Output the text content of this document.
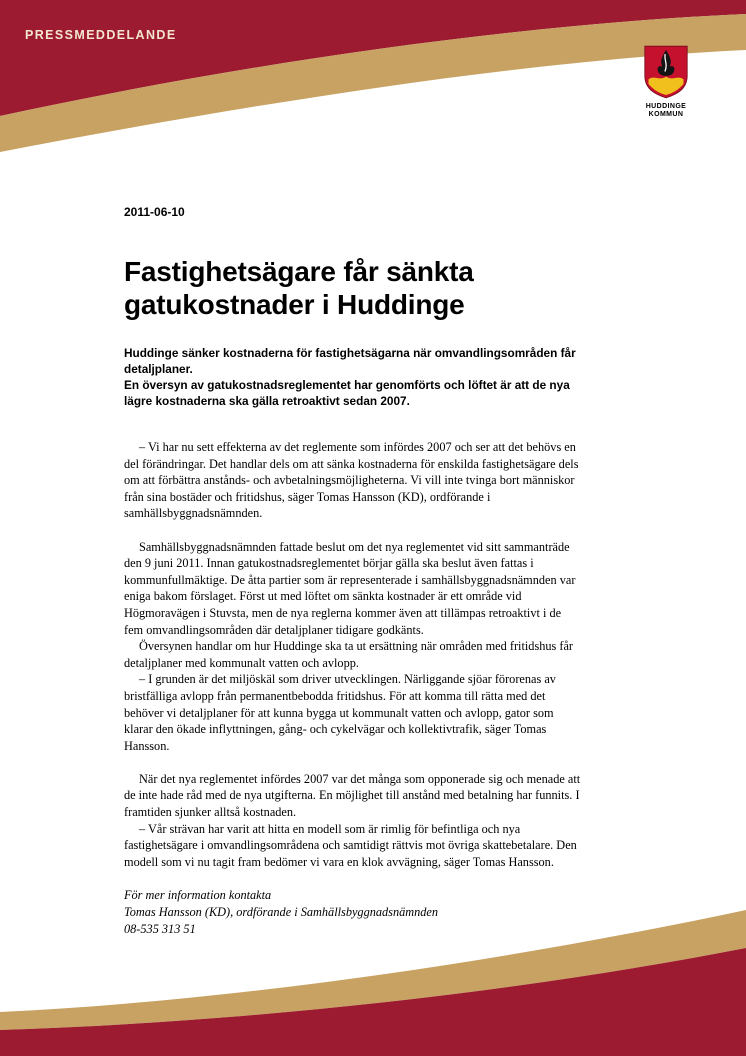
PRESSMEDDELANDE
HUDDINGE
KOMMUN

2011-06-10

Fastighetsägare får sänkta gatukostnader i Huddinge

Huddinge sänker kostnaderna för fastighetsägarna när omvandlingsområden får detaljplaner.

En översyn av gatukostnadsreglementet har genomförts och löftet är att de nya lägre kostnaderna ska gälla retroaktivt sedan 2007.

– Vi har nu sett effekterna av det reglemente som infördes 2007 och ser att det behövs en del förändringar. Det handlar dels om att sänka kostnaderna för enskilda fastighetsägare dels om att förbättra anstånds- och avbetalningsmöjligheterna. Vi vill inte tvinga bort människor från sina bostäder och fritidshus, säger Tomas Hansson (KD), ordförande i samhällsbyggnadsnämnden.

Samhällsbyggnadsnämnden fattade beslut om det nya reglementet vid sitt sammanträde den 9 juni 2011. Innan gatukostnadsreglementet börjar gälla ska beslut även fattas i kommunfullmäktige. De åtta partier som är representerade i samhällsbyggnadsnämnden var eniga bakom förslaget. Först ut med löftet om sänkta kostnader är ett område vid Högmoravägen i Stuvsta, men de nya reglerna kommer även att tillämpas retroaktivt i de fem omvandlingsområden där detaljplaner tidigare godkänts.

Översynen handlar om hur Huddinge ska ta ut ersättning när områden med fritidshus får detaljplaner med kommunalt vatten och avlopp.

– I grunden är det miljöskäl som driver utvecklingen. Närliggande sjöar förorenas av bristfälliga avlopp från permanentbebodda fritidshus. För att komma till rätta med det behöver vi detaljplaner för att kunna bygga ut kommunalt vatten och avlopp, gator som klarar den ökade inflyttningen, gång- och cykelvägar och kollektivtrafik, säger Tomas Hansson.

När det nya reglementet infördes 2007 var det många som opponerade sig och menade att de inte hade råd med de nya utgifterna. En möjlighet till anstånd med betalning har funnits. I framtiden sjunker alltså kostnaden.

– Vår strävan har varit att hitta en modell som är rimlig för befintliga och nya fastighetsägare i omvandlingsområdena och samtidigt rättvis mot övriga skattebetalare. Den modell som vi nu tagit fram bedömer vi vara en klok avvägning, säger Tomas Hansson.

För mer information kontakta

Tomas Hansson (KD), ordförande i Samhällsbyggnadsnämnden

08-535 313 51
